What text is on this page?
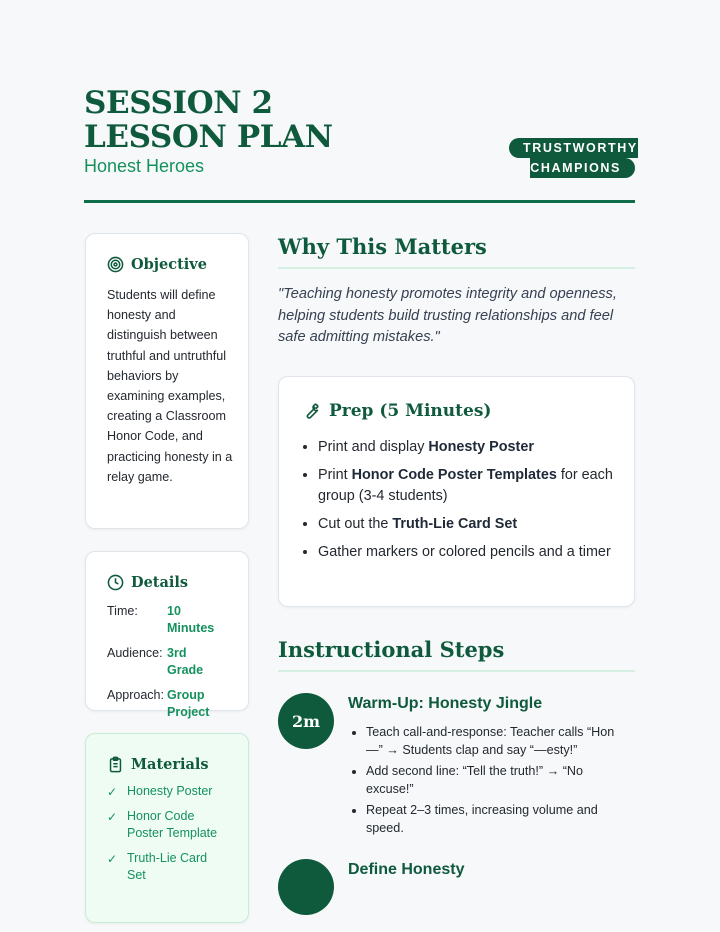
SESSION 2 LESSON PLAN
Honest Heroes
TRUSTWORTHY
CHAMPIONS
Objective

Students will define honesty and distinguish between truthful and untruthful behaviors by examining examples, creating a Classroom Honor Code, and practicing honesty in a relay game.

Details
Time:	10 Minutes
Audience:	3rd Grade
Approach:	Group Project
Materials
✓ Honesty Poster
✓ Honor Code Poster Template
✓ Truth-Lie Card Set
Why This Matters

"Teaching honesty promotes integrity and openness, helping students build trusting relationships and feel safe admitting mistakes."

Prep (5 Minutes)
• Print and display Honesty Poster
• Print Honor Code Poster Templates for each group (3-4 students)
• Cut out the Truth-Lie Card Set
• Gather markers or colored pencils and a timer
Instructional Steps
2m
Warm-Up: Honesty Jingle
• Teach call-and-response: Teacher calls “Hon—” → Students clap and say “—esty!”
• Add second line: “Tell the truth!” → “No excuse!”
• Repeat 2–3 times, increasing volume and speed.
Define Honesty
